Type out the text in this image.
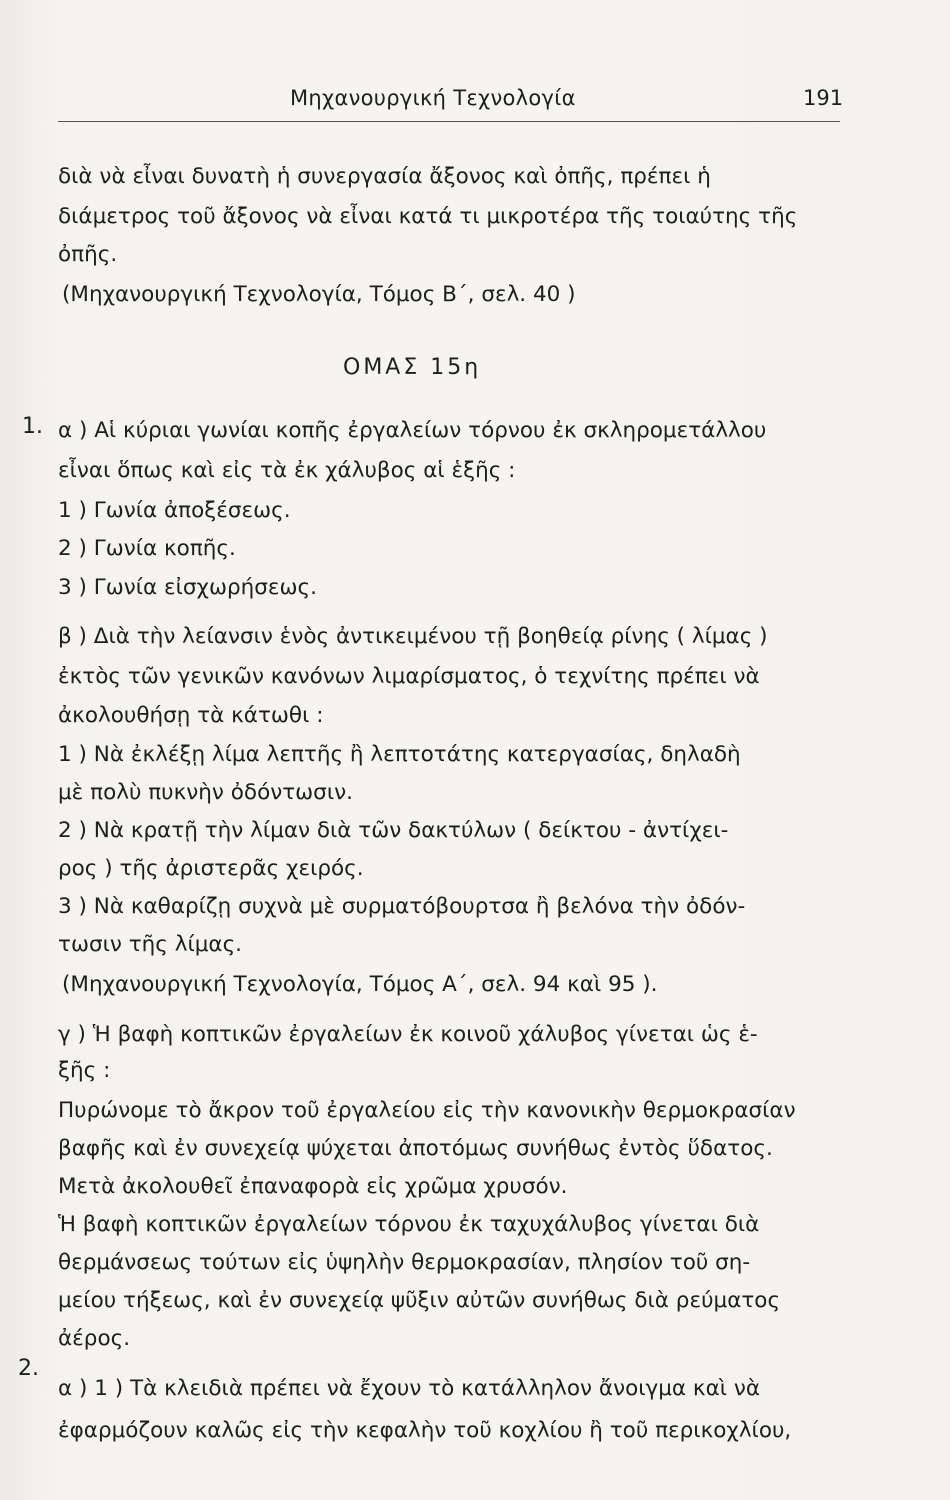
Μηχανουργική Τεχνολογία	191
διὰ νὰ εἶναι δυνατὴ ἡ συνεργασία ἄξονος καὶ ὀπῆς, πρέπει ἡ
διάμετρος τοῦ ἄξονος νὰ εἶναι κατά τι μικροτέρα τῆς τοιαύτης τῆς
ὀπῆς.
(Μηχανουργική Τεχνολογία, Τόμος Β΄, σελ. 40 )
ΟΜΑΣ 15η
1. α ) Αἱ κύριαι γωνίαι κοπῆς ἐργαλείων τόρνου ἐκ σκληρομετάλλου
εἶναι ὅπως καὶ εἰς τὰ ἐκ χάλυβος αἱ ἑξῆς :
1 ) Γωνία ἀποξέσεως.
2 ) Γωνία κοπῆς.
3 ) Γωνία εἰσχωρήσεως.
β ) Διὰ τὴν λείανσιν ἑνὸς ἀντικειμένου τῇ βοηθείᾳ ρίνης ( λίμας )
ἐκτὸς τῶν γενικῶν κανόνων λιμαρίσματος, ὁ τεχνίτης πρέπει νὰ
ἀκολουθήσῃ τὰ κάτωθι :
1 ) Νὰ ἐκλέξῃ λίμα λεπτῆς ἢ λεπτοτάτης κατεργασίας, δηλαδὴ
μὲ πολὺ πυκνὴν ὀδόντωσιν.
2 ) Νὰ κρατῇ τὴν λίμαν διὰ τῶν δακτύλων ( δείκτου - ἀντίχει-
ρος ) τῆς ἀριστερᾶς χειρός.
3 ) Νὰ καθαρίζῃ συχνὰ μὲ συρματόβουρτσα ἢ βελόνα τὴν ὀδόν-
τωσιν τῆς λίμας.
(Μηχανουργική Τεχνολογία, Τόμος Α΄, σελ. 94 καὶ 95 ).
γ ) Ἡ βαφὴ κοπτικῶν ἐργαλείων ἐκ κοινοῦ χάλυβος γίνεται ὡς ἑ-
ξῆς :
Πυρώνομε τὸ ἄκρον τοῦ ἐργαλείου εἰς τὴν κανονικὴν θερμοκρασίαν
βαφῆς καὶ ἐν συνεχείᾳ ψύχεται ἀποτόμως συνήθως ἐντὸς ὕδατος.
Μετὰ ἀκολουθεῖ ἐπαναφορὰ εἰς χρῶμα χρυσόν.
Ἡ βαφὴ κοπτικῶν ἐργαλείων τόρνου ἐκ ταχυχάλυβος γίνεται διὰ
θερμάνσεως τούτων εἰς ὑψηλὴν θερμοκρασίαν, πλησίον τοῦ ση-
μείου τήξεως, καὶ ἐν συνεχείᾳ ψῦξιν αὐτῶν συνήθως διὰ ρεύματος
ἀέρος.
2.
α ) 1 ) Τὰ κλειδιὰ πρέπει νὰ ἔχουν τὸ κατάλληλον ἄνοιγμα καὶ νὰ
ἐφαρμόζουν καλῶς εἰς τὴν κεφαλὴν τοῦ κοχλίου ἢ τοῦ περικοχλίου,
